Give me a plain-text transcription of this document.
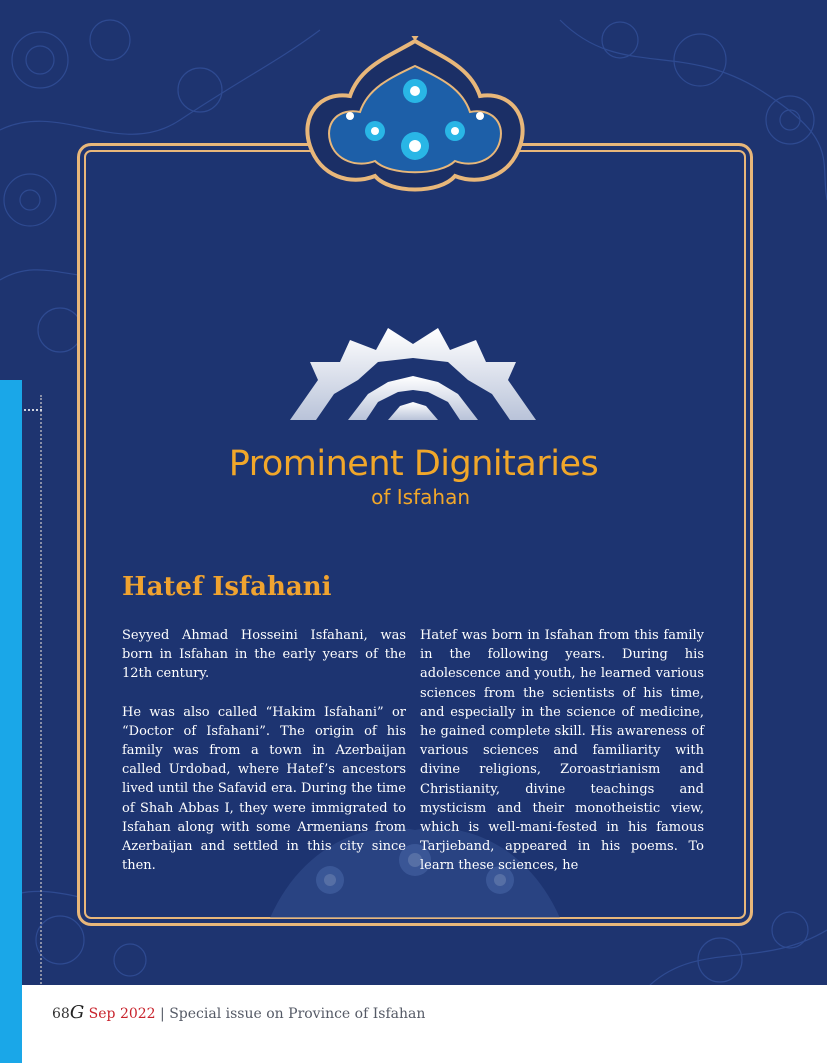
Prominent Dignitaries
of Isfahan
Hatef Isfahani

Seyyed Ahmad Hosseini Isfahani, was born in Isfahan in the early years of the 12th century.

He was also called “Hakim Isfahani” or “Doctor of Isfahani”. The origin of his family was from a town in Azerbaijan called Urdobad, where Hatef’s ancestors lived until the Safavid era. During the time of Shah Abbas I, they were immigrated to Isfahan along with some Armenians from Azerbaijan and settled in this city since then.

Hatef was born in Isfahan from this family in the following years. During his adolescence and youth, he learned various sciences from the scientists of his time, and especially in the science of medicine, he gained complete skill. His awareness of various sciences and familiarity with divine religions, Zoroastrianism and Christianity, divine teachings and mysticism and their monotheistic view, which is well-mani-fested in his famous Tarjieband, appeared in his poems. To learn these sciences, he

68G Sep 2022 | Special issue on Province of Isfahan
